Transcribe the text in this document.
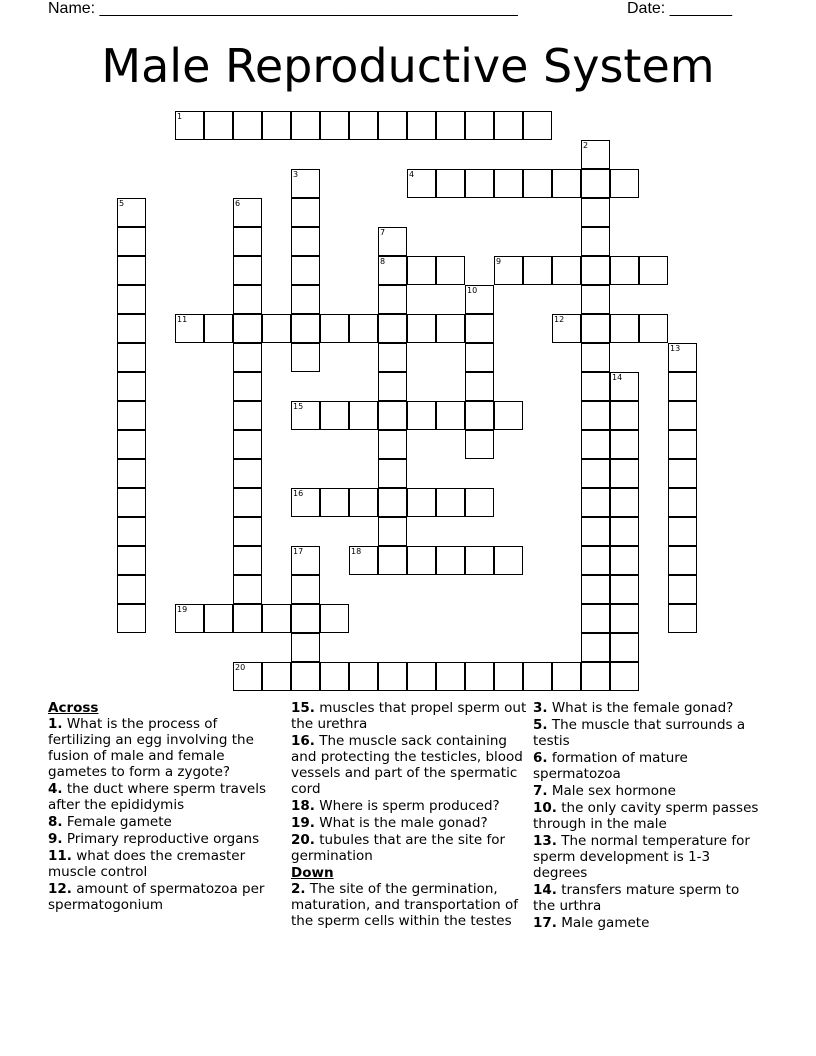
Name: _______________________________________________	Date: _______
Male Reproductive System
1
2
3	4
5	6
7
8	9
10
11	12
13
14
15
16
17	18
19
20
Across
1. What is the process of fertilizing an egg involving the fusion of male and female gametes to form a zygote?
4. the duct where sperm travels after the epididymis
8. Female gamete
9. Primary reproductive organs
11. what does the cremaster muscle control
12. amount of spermatozoa per spermatogonium
15. muscles that propel sperm out the urethra
16. The muscle sack containing and protecting the testicles, blood vessels and part of the spermatic cord
18. Where is sperm produced?
19. What is the male gonad?
20. tubules that are the site for germination
Down
2. The site of the germination, maturation, and transportation of the sperm cells within the testes
3. What is the female gonad?
5. The muscle that surrounds a testis
6. formation of mature spermatozoa
7. Male sex hormone
10. the only cavity sperm passes through in the male
13. The normal temperature for sperm development is 1-3 degrees
14. transfers mature sperm to the urthra
17. Male gamete
